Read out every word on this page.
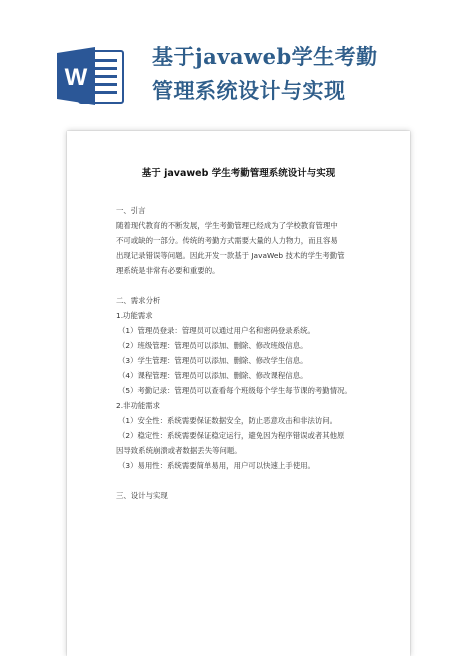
W
基于javaweb学生考勤
管理系统设计与实现
基于 javaweb 学生考勤管理系统设计与实现
一、引言
随着现代教育的不断发展，学生考勤管理已经成为了学校教育管理中
不可或缺的一部分。传统的考勤方式需要大量的人力物力，而且容易
出现记录错误等问题。因此开发一款基于 JavaWeb 技术的学生考勤管
理系统是非常有必要和重要的。
二、需求分析
1.功能需求
（1）管理员登录：管理员可以通过用户名和密码登录系统。
（2）班级管理：管理员可以添加、删除、修改班级信息。
（3）学生管理：管理员可以添加、删除、修改学生信息。
（4）课程管理：管理员可以添加、删除、修改课程信息。
（5）考勤记录：管理员可以查看每个班级每个学生每节课的考勤情况。
2.非功能需求
（1）安全性：系统需要保证数据安全，防止恶意攻击和非法访问。
（2）稳定性：系统需要保证稳定运行，避免因为程序错误或者其他原
因导致系统崩溃或者数据丢失等问题。
（3）易用性：系统需要简单易用，用户可以快速上手使用。
三、设计与实现
